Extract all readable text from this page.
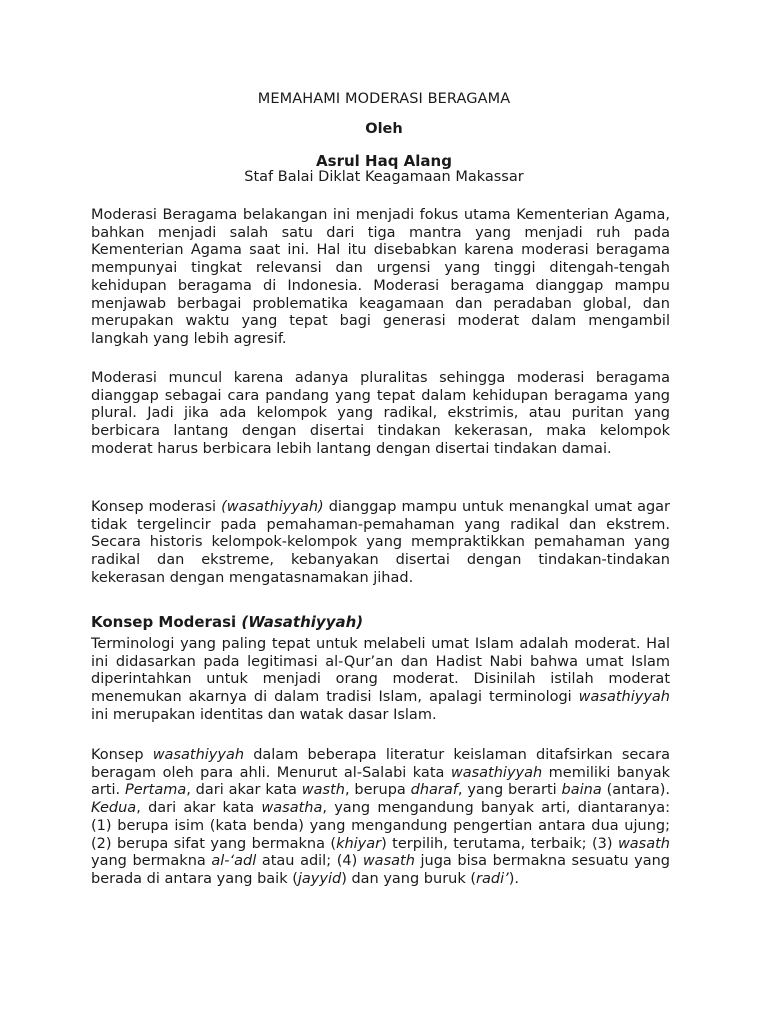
MEMAHAMI MODERASI BERAGAMA

Oleh

Asrul Haq Alang

Staf Balai Diklat Keagamaan Makassar

Moderasi Beragama belakangan ini menjadi fokus utama Kementerian Agama, bahkan menjadi salah satu dari tiga mantra yang menjadi ruh pada Kementerian Agama saat ini. Hal itu disebabkan karena moderasi beragama mempunyai tingkat relevansi dan urgensi yang tinggi ditengah-tengah kehidupan beragama di Indonesia. Moderasi beragama dianggap mampu menjawab berbagai problematika keagamaan dan peradaban global, dan merupakan waktu yang tepat bagi generasi moderat dalam mengambil langkah yang lebih agresif.

Moderasi muncul karena adanya pluralitas sehingga moderasi beragama dianggap sebagai cara pandang yang tepat dalam kehidupan beragama yang plural. Jadi jika ada kelompok yang radikal, ekstrimis, atau puritan yang berbicara lantang dengan disertai tindakan kekerasan, maka kelompok moderat harus berbicara lebih lantang dengan disertai tindakan damai.

Konsep moderasi (wasathiyyah) dianggap mampu untuk menangkal umat agar tidak tergelincir pada pemahaman-pemahaman yang radikal dan ekstrem. Secara historis kelompok-kelompok yang mempraktikkan pemahaman yang radikal dan ekstreme, kebanyakan disertai dengan tindakan-tindakan kekerasan dengan mengatasnamakan jihad.

Konsep Moderasi (Wasathiyyah)

Terminologi yang paling tepat untuk melabeli umat Islam adalah moderat. Hal ini didasarkan pada legitimasi al-Qur’an dan Hadist Nabi bahwa umat Islam diperintahkan untuk menjadi orang moderat. Disinilah istilah moderat menemukan akarnya di dalam tradisi Islam, apalagi terminologi wasathiyyah ini merupakan identitas dan watak dasar Islam.

Konsep wasathiyyah dalam beberapa literatur keislaman ditafsirkan secara beragam oleh para ahli. Menurut al-Salabi kata wasathiyyah memiliki banyak arti. Pertama, dari akar kata wasth, berupa dharaf, yang berarti baina (antara). Kedua, dari akar kata wasatha, yang mengandung banyak arti, diantaranya: (1) berupa isim (kata benda) yang mengandung pengertian antara dua ujung; (2) berupa sifat yang bermakna (khiyar) terpilih, terutama, terbaik; (3) wasath yang bermakna al-‘adl atau adil; (4) wasath juga bisa bermakna sesuatu yang berada di antara yang baik (jayyid) dan yang buruk (radi’).
